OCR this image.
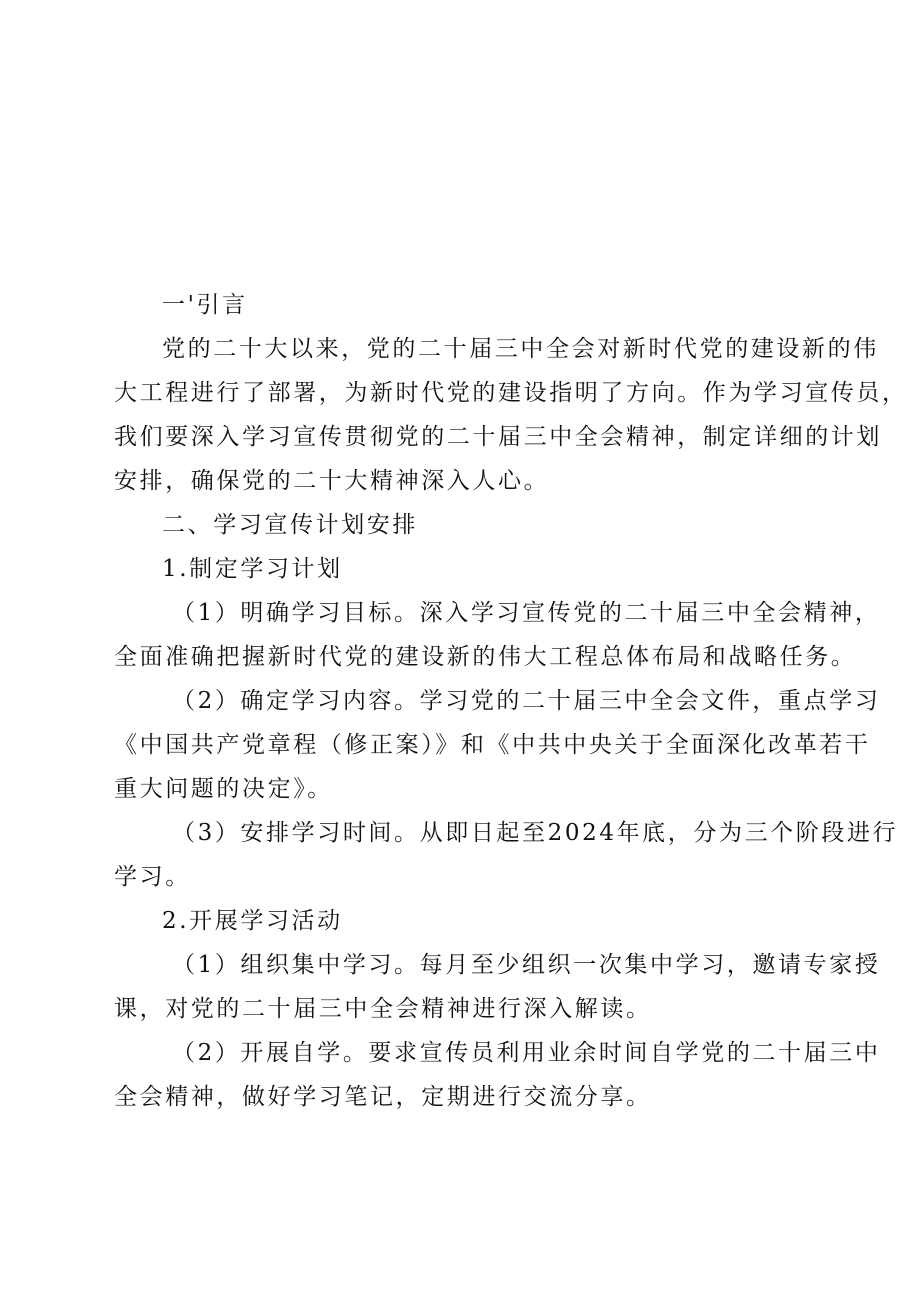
一'引言
党的二十大以来，党的二十届三中全会对新时代党的建设新的伟
大工程进行了部署，为新时代党的建设指明了方向。作为学习宣传员，
我们要深入学习宣传贯彻党的二十届三中全会精神，制定详细的计划
安排，确保党的二十大精神深入人心。
二、学习宣传计划安排
1.制定学习计划
（1）明确学习目标。深入学习宣传党的二十届三中全会精神，
全面准确把握新时代党的建设新的伟大工程总体布局和战略任务。
（2）确定学习内容。学习党的二十届三中全会文件，重点学习
《中国共产党章程（修正案）》和《中共中央关于全面深化改革若干
重大问题的决定》。
（3）安排学习时间。从即日起至2024年底，分为三个阶段进行
学习。
2.开展学习活动
（1）组织集中学习。每月至少组织一次集中学习，邀请专家授
课，对党的二十届三中全会精神进行深入解读。
（2）开展自学。要求宣传员利用业余时间自学党的二十届三中
全会精神，做好学习笔记，定期进行交流分享。
